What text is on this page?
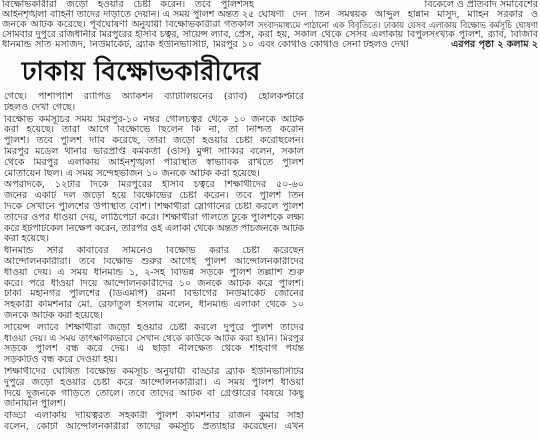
বিক্ষোভকারীরা জড়ো হওয়ার চেষ্টা করেন। তবে পুলিশসহ
আইনশৃঙ্খলা বাহিনী তাঁদের দাঁড়াতে দেয়নি। এ সময় পুলিশ অন্তত ২৫
জনকে আটক করেছে। পূর্বঘোষণা অনুযায়ী বিক্ষোভকারীরা গতকাল
সোমবার দুপুরে রাজধানীর মিরপুরের ইসিবি চত্বর, সায়েন্স ল্যাব, প্রেস,
ধানমন্ডি সাত মসজিদ, নিউমার্কেট, ব্র্যাক ইউনিভার্সিটি, মিরপুর ১০
বিকেলে ও প্রতিবাদ সমাবেশের
ঘোষণা দেন তিন সমন্বয়ক আব্দুল হান্নান মাসুদ, মাহিন সরকার ও
সংবাদমাধ্যমে পাঠানো এক বিবৃতিতে। ঢাকায় যেসব এলাকায় বিক্ষোভ কর্মসূচি ঘোষণা
করা হয়, সকাল থেকে সেসব এলাকায় বিপুলসংখ্যক পুলিশ, র‍্যাব, বিজিবি
এবং কোথাও কোথাও সেনা টহলও দেখা	এরপর পৃষ্ঠা ২ কলাম ২
ঢাকায় বিক্ষোভকারীদের
গেছে। পাশাপাশি র‍্যাপিড অ্যাকশন ব্যাটালিয়নের (র‍্যাব) হেলিকপ্টারে
টহলও দেখা গেছে।
বিক্ষোভ কর্মসূচির সময় মিরপুর-১০ নম্বর গোলচত্বর থেকে ১০ জনকে আটক
করা হয়েছে। তাঁরা আগে বিক্ষোভে ছিলেন কি না, তা নিশ্চিত করেনি
পুলিশ। তবে পুলিশ দাবি করেছে, তাঁরা জড়ো হওয়ার চেষ্টা করেছিলেন।
মিরপুর মডেল থানার ভারপ্রাপ্ত কর্মকর্তা (ওসি) মুন্সী সাব্বির বলেন, সকাল
থেকে মিরপুর এলাকায় আইনশৃঙ্খলা পরিস্থিতি স্বাভাবিক রাখতে পুলিশ
মোতায়েন ছিল। এ সময় সন্দেহভাজন ১০ জনকে আটক করা হয়েছে।
অপরদিকে, ১২টার দিকে মিরপুরের ইসিবি চত্বরে শিক্ষার্থীদের ৫০-৬০
জনের একটি দল জড়ো হয়ে বিক্ষোভের চেষ্টা করেন। তবে পুলিশ তিন
দিকে সেখানে পুলিশের উপস্থিতি বেশি। শিক্ষার্থীরা স্লোগানের চেষ্টা করলে পুলিশ
তাঁদের ওপর ধাওয়া দেয়, লাঠিপেটা করে। শিক্ষার্থীরা গলিতে ঢুকে পুলিশকে লক্ষ্য
করে ইটপাটকেল নিক্ষেপ করেন, তারপর ওই এলাকা থেকে অন্তত পাঁচজনকে আটক
করা হয়েছে।
ধানমন্ডি স্টার কাবাবের সামনেও বিক্ষোভ করার চেষ্টা করেছেন
আন্দোলনকারীরা। তবে বিক্ষোভ শুরুর আগেই পুলিশ আন্দোলনকারীদের
ধাওয়া দেয়। এ সময় ধানমন্ডি ১, ২-সহ বিভিন্ন সড়কে পুলিশ তল্লাশি শুরু
করে। পরে ধাওয়া দিয়ে আন্দোলনকারীদের ১০ জনকে আটক করে পুলিশ।
ঢাকা মহানগর পুলিশের (ডিএমপি) রমনা বিভাগের নিউমার্কেট জোনের
সহকারী কমিশনার মো. রেফাতুল ইসলাম বলেন, ধানমন্ডি এলাকা থেকে ১০
জনকে আটক করা হয়েছে।
সায়েন্স ল্যাবে শিক্ষার্থীরা জড়ো হওয়ার চেষ্টা করলে দুপুরে পুলিশ তাঁদের
ধাওয়া দেয়। এ সময় তাৎক্ষণিকভাবে সেখান থেকে কাউকে আটক করা হয়নি। মিরপুর
সড়কে পুলিশ বন্ধ করে দেয়। এ ছাড়া নীলক্ষেত থেকে শাহবাগ পর্যন্ত
সড়কটিও বন্ধ করে দেওয়া হয়।
শিক্ষার্থীদের ঘোষিত বিক্ষোভ কর্মসূচি অনুযায়ী বাড্ডার ব্র্যাক ইউনিভার্সিটির
দুপুরে জড়ো হওয়ার চেষ্টা করে আন্দোলনকারীরা। এ সময় পুলিশ ধাওয়া
দিয়ে দুজনকে গাড়িতে তোলে। তবে তাঁদের আটক বা গ্রেপ্তারের বিষয়ে কিছু
জানায়নি পুলিশ।
বাড্ডা এলাকায় দায়িত্বরত সহকারী পুলিশ কমিশনার রাজন কুমার সাহা
বলেন, কোটা আন্দোলনকারীরা তাঁদের কর্মসূচি প্রত্যাহার করেছেন। এখন
